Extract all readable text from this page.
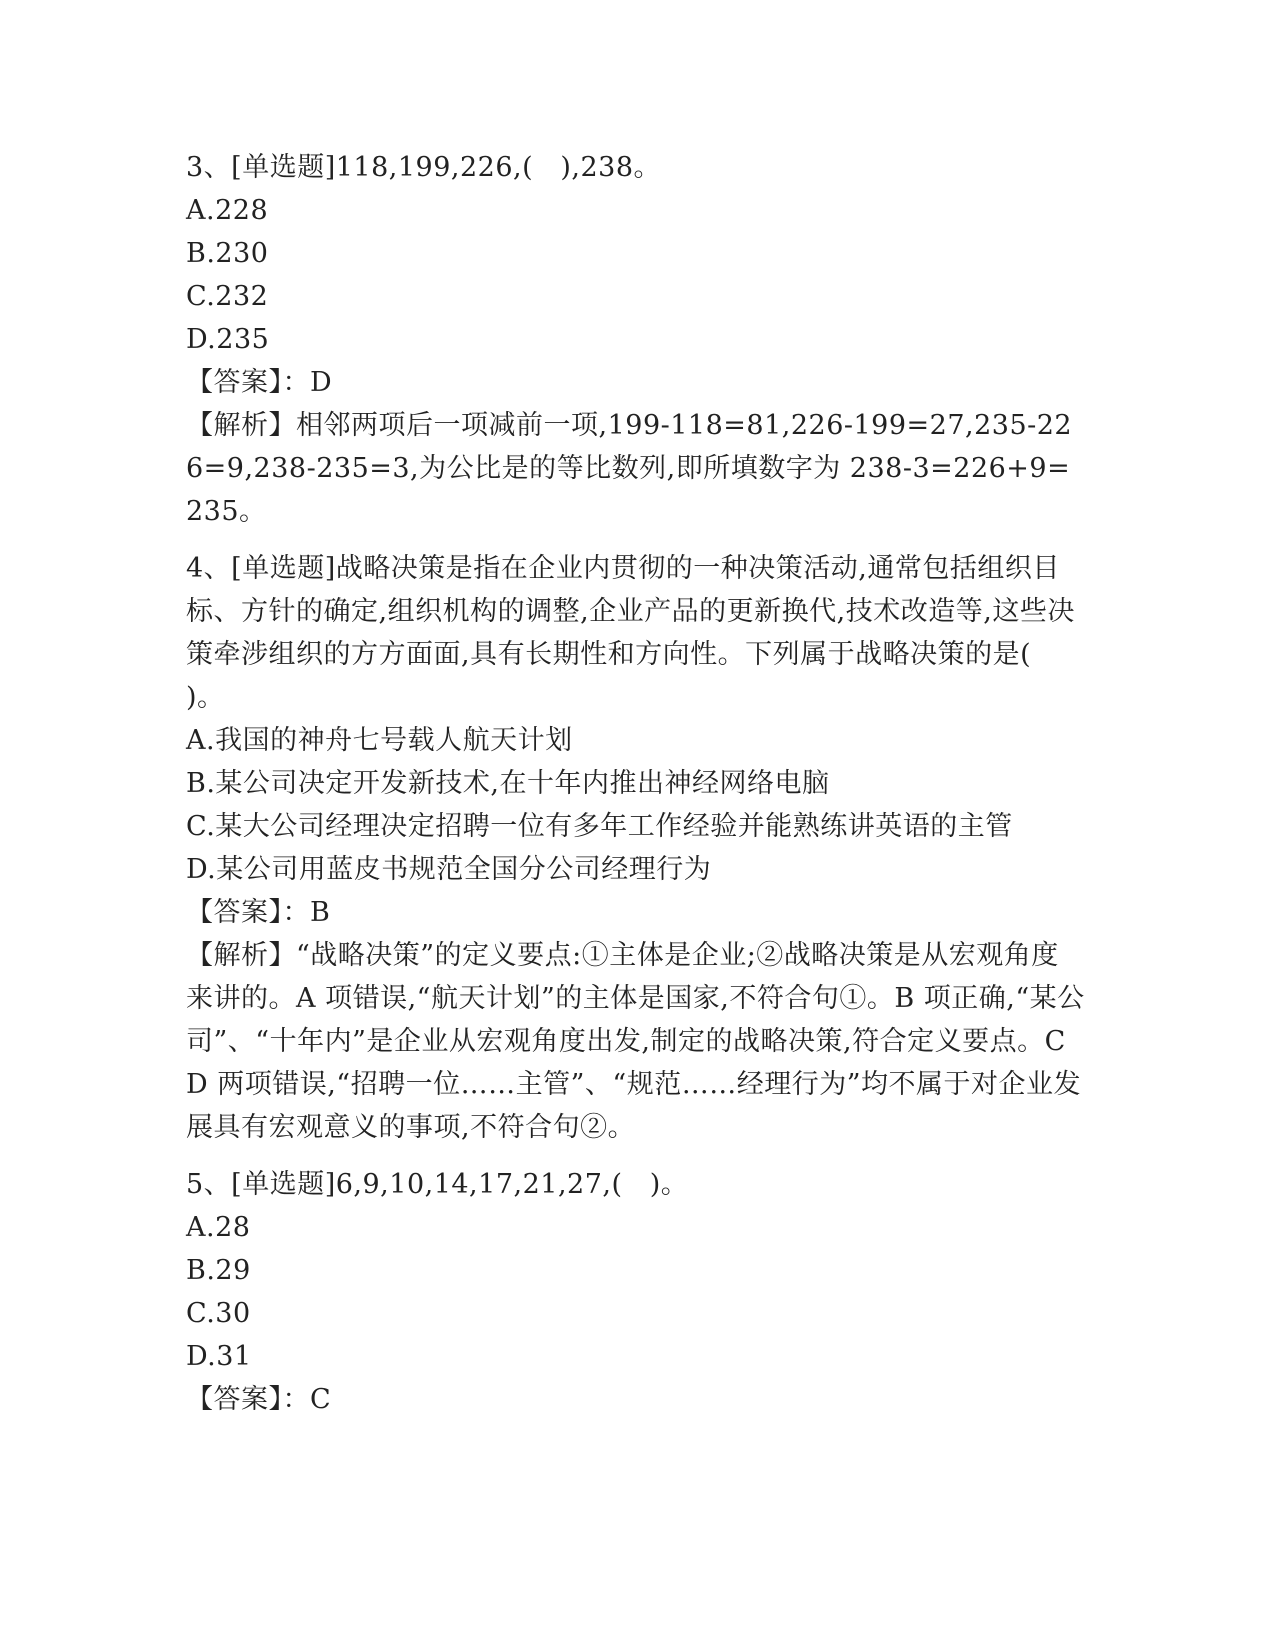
3、[单选题]118,199,226,(   ),238。
A.228
B.230
C.232
D.235
【答案】：D
【解析】相邻两项后一项减前一项,199-118=81,226-199=27,235-226=9,238-235=3,为公比是的等比数列,即所填数字为 238-3=226+9=235。
4、[单选题]战略决策是指在企业内贯彻的一种决策活动,通常包括组织目标、方针的确定,组织机构的调整,企业产品的更新换代,技术改造等,这些决策牵涉组织的方方面面,具有长期性和方向性。下列属于战略决策的是(   )。
A.我国的神舟七号载人航天计划
B.某公司决定开发新技术,在十年内推出神经网络电脑
C.某大公司经理决定招聘一位有多年工作经验并能熟练讲英语的主管
D.某公司用蓝皮书规范全国分公司经理行为
【答案】：B
【解析】“战略决策”的定义要点:①主体是企业;②战略决策是从宏观角度来讲的。A 项错误,“航天计划”的主体是国家,不符合句①。B 项正确,“某公司”、“十年内”是企业从宏观角度出发,制定的战略决策,符合定义要点。CD 两项错误,“招聘一位……主管”、“规范……经理行为”均不属于对企业发展具有宏观意义的事项,不符合句②。
5、[单选题]6,9,10,14,17,21,27,(   )。
A.28
B.29
C.30
D.31
【答案】：C
